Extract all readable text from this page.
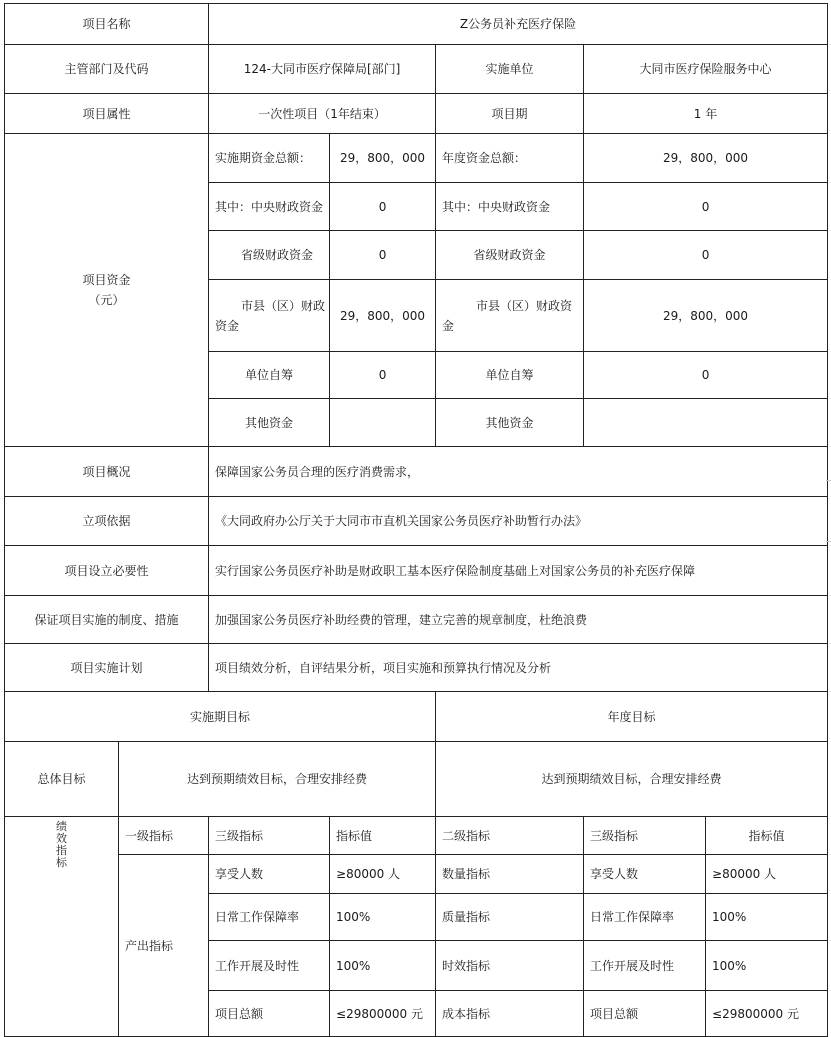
项目名称		Z公务员补充医疗保险				
主管部门及代码		124-大同市医疗保障局[部门]		实施单位	大同市医疗保险服务中心	
项目属性		一次性项目（1年结束）		项目期	1 年	

项目资金
（元）		实施期资金总额：	29，800，000	年度资金总额：	29，800，000	
		其中：中央财政资金	0	其中：中央财政资金	0	
		省级财政资金	0	省级财政资金	0	
		市县（区）财政资金	29，800，000	市县（区）财政资金	29，800，000	
		单位自筹	0	单位自筹	0	
		其他资金		其他资金		
项目概况		保障国家公务员合理的医疗消费需求，				
立项依据		《大同政府办公厅关于大同市市直机关国家公务员医疗补助暂行办法》				
项目设立必要性		实行国家公务员医疗补助是财政职工基本医疗保险制度基础上对国家公务员的补充医疗保障				
保证项目实施的制度、措施		加强国家公务员医疗补助经费的管理，建立完善的规章制度，杜绝浪费				
项目实施计划		项目绩效分析，自评结果分析，项目实施和预算执行情况及分析				
实施期目标				年度目标		
总体目标	达到预期绩效目标，合理安排经费			达到预期绩效目标，合理安排经费		
绩效指标	一级指标	三级指标	指标值	二级指标	三级指标	指标值
	产出指标	享受人数	≥80000 人	数量指标	享受人数	≥80000 人
		日常工作保障率	100%	质量指标	日常工作保障率	100%
		工作开展及时性	100%	时效指标	工作开展及时性	100%
		项目总额	≤29800000 元	成本指标	项目总额	≤29800000 元
